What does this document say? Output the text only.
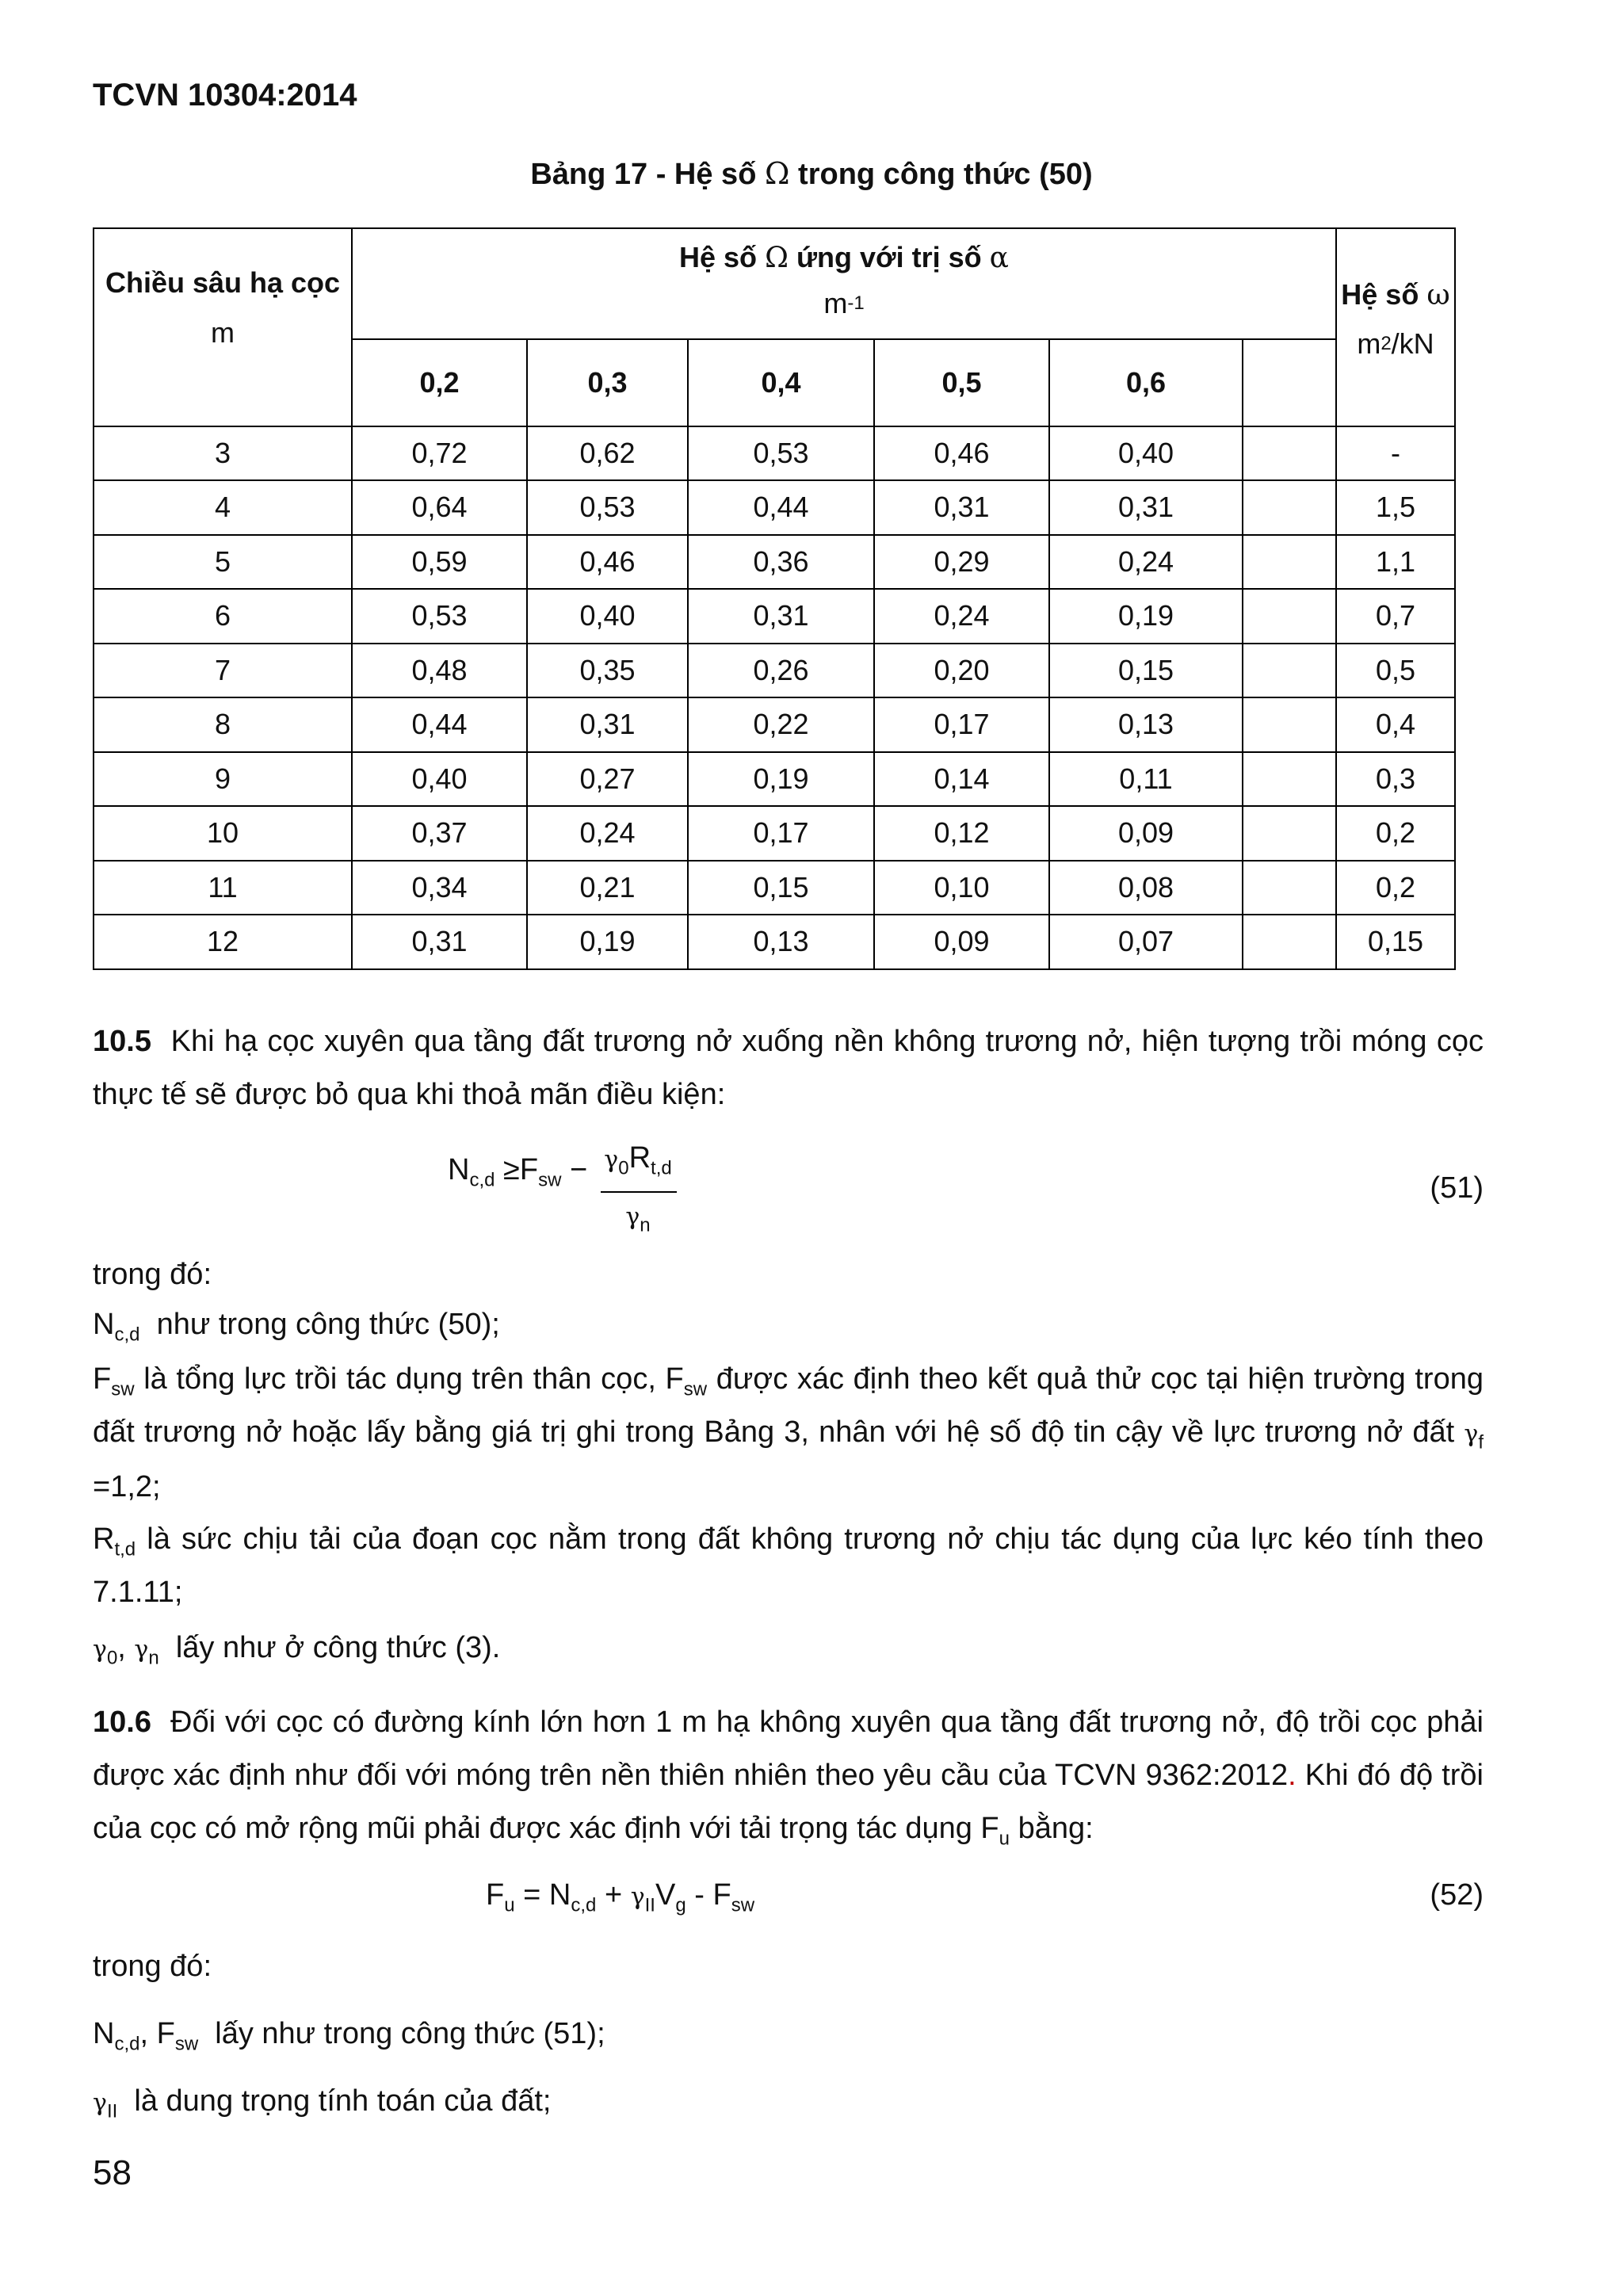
TCVN 10304:2014
Bảng 17 - Hệ số Ω trong công thức (50)
Chiều sâu hạ cọc
m
Hệ số
Ω
ứng với trị số
α
m -1
0,2	0,3	0,4	0,5	0,6
Hệ số
ω
m 2 /kN
3	0,72	0,62	0,53	0,46	0,40	-
4	0,64	0,53	0,44	0,31	0,31	1,5
5	0,59	0,46	0,36	0,29	0,24	1,1
6	0,53	0,40	0,31	0,24	0,19	0,7
7	0,48	0,35	0,26	0,20	0,15	0,5
8	0,44	0,31	0,22	0,17	0,13	0,4
9	0,40	0,27	0,19	0,14	0,11	0,3
10	0,37	0,24	0,17	0,12	0,09	0,2
11	0,34	0,21	0,15	0,10	0,08	0,2
12	0,31	0,19	0,13	0,09	0,07	0,15
10.5 Khi hạ cọc xuyên qua tầng đất trương nở xuống nền không trương nở, hiện tượng trồi móng cọc thực tế sẽ được bỏ qua khi thoả mãn điều kiện:
$N_{c,d} \ge F_{sw} - \gamma_0R_{t,d}$
$\gamma_n$
(51)
trong đó:
$N_{c,d}$ như trong công thức (50);
$F_{sw}$ là tổng lực trồi tác dụng trên thân cọc, $F_{sw}$ được xác định theo kết quả thử cọc tại hiện trường trong đất trương nở hoặc lấy bằng giá trị ghi trong Bảng 3, nhân với hệ số độ tin cậy về lực trương nở đất $\gamma_f =1,2$;
$R_{t,d}$ là sức chịu tải của đoạn cọc nằm trong đất không trương nở chịu tác dụng của lực kéo tính theo 7.1.11;
$\gamma_0$, $\gamma_n$ lấy như ở công thức (3).
10.6 Đối với cọc có đường kính lớn hơn 1 m hạ không xuyên qua tầng đất trương nở, độ trồi cọc phải được xác định như đối với móng trên nền thiên nhiên theo yêu cầu của TCVN 9362:2012. Khi đó độ trồi của cọc có mở rộng mũi phải được xác định với tải trọng tác dụng $F_u$ bằng:
$F_u = N_{c,d} + \gamma_{II}V_g - F_{sw}$	(52)
trong đó:
$N_{c,d}$, $F_{sw}$ lấy như trong công thức (51);
$\gamma_{II}$ là dung trọng tính toán của đất;
58
